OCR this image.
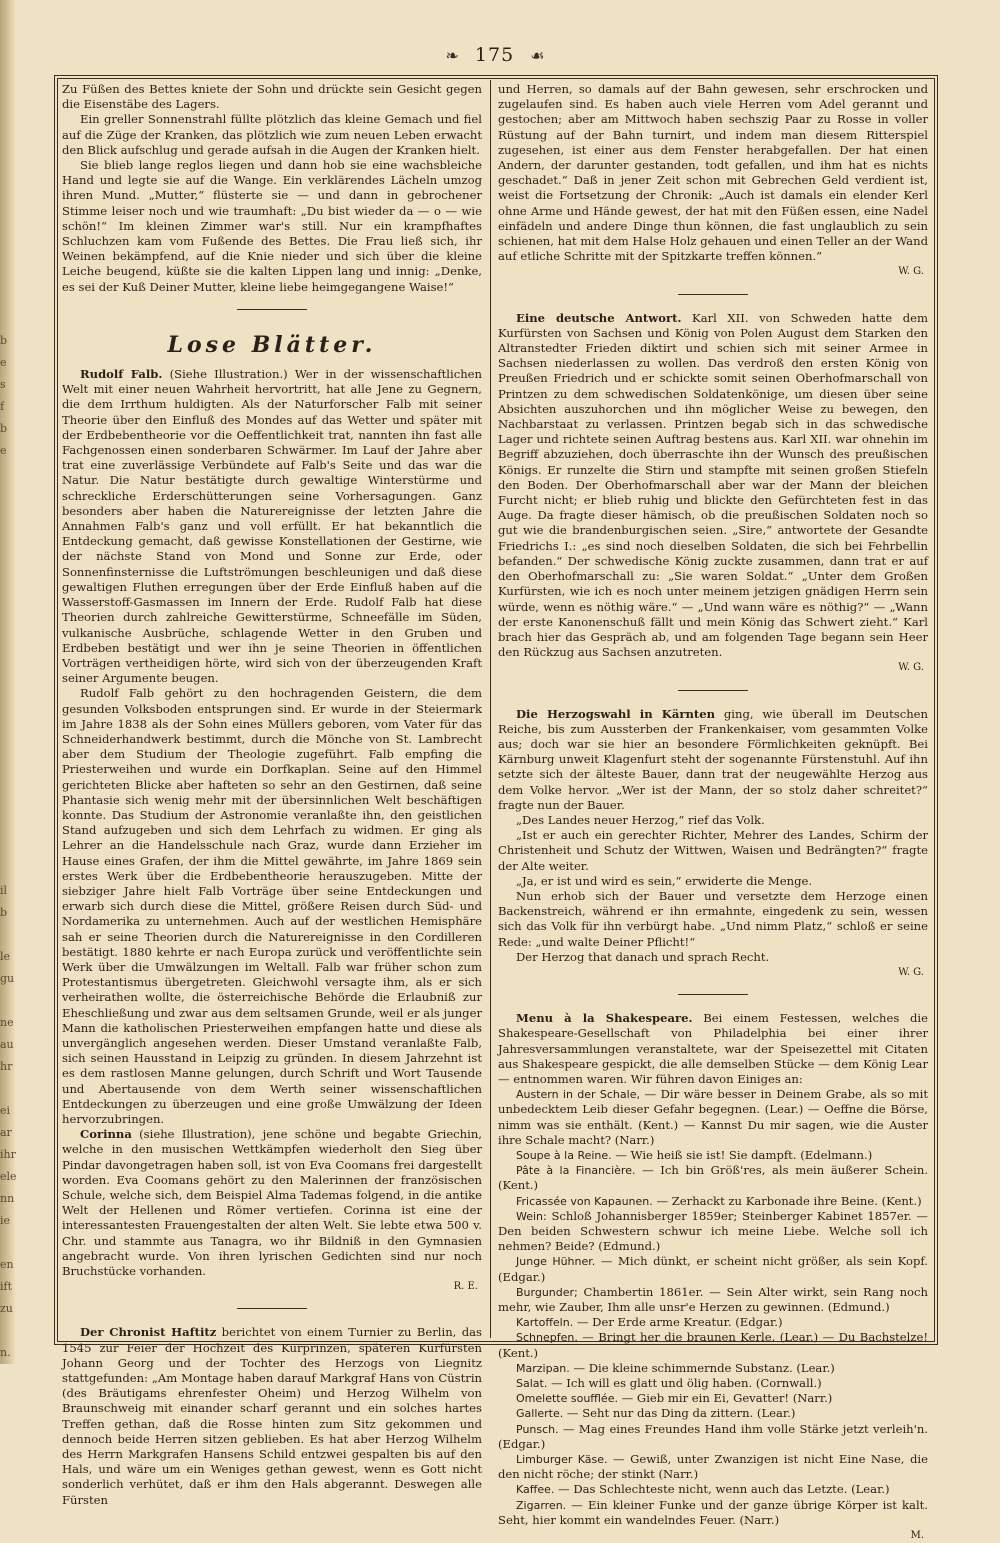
b
e
s
f
b
e

il
b

le
gu

ne
au
hr

ei
ar
ihr
ele
nn
ie

en
ift
zu

n.
❧ 175 ☙

Zu Füßen des Bettes kniete der Sohn und drückte sein Gesicht gegen die Eisenstäbe des Lagers.

Ein greller Sonnenstrahl füllte plötzlich das kleine Gemach und fiel auf die Züge der Kranken, das plötzlich wie zum neuen Leben erwacht den Blick aufschlug und gerade aufsah in die Augen der Kranken hielt.

Sie blieb lange reglos liegen und dann hob sie eine wachsbleiche Hand und legte sie auf die Wange. Ein verklärendes Lächeln umzog ihren Mund. „Mutter,“ flüsterte sie — und dann in gebrochener Stimme leiser noch und wie traumhaft: „Du bist wieder da — o — wie schön!“ Im kleinen Zimmer war's still. Nur ein krampfhaftes Schluchzen kam vom Fußende des Bettes. Die Frau ließ sich, ihr Weinen bekämpfend, auf die Knie nieder und sich über die kleine Leiche beugend, küßte sie die kalten Lippen lang und innig: „Denke, es sei der Kuß Deiner Mutter, kleine liebe heimgegangene Waise!“

Lose Blätter.

Rudolf Falb. (Siehe Illustration.) Wer in der wissenschaftlichen Welt mit einer neuen Wahrheit hervortritt, hat alle Jene zu Gegnern, die dem Irrthum huldigten. Als der Naturforscher Falb mit seiner Theorie über den Einfluß des Mondes auf das Wetter und später mit der Erdbebentheorie vor die Oeffentlichkeit trat, nannten ihn fast alle Fachgenossen einen sonderbaren Schwärmer. Im Lauf der Jahre aber trat eine zuverlässige Verbündete auf Falb's Seite und das war die Natur. Die Natur bestätigte durch gewaltige Winterstürme und schreckliche Erderschütterungen seine Vorhersagungen. Ganz besonders aber haben die Naturereignisse der letzten Jahre die Annahmen Falb's ganz und voll erfüllt. Er hat bekanntlich die Entdeckung gemacht, daß gewisse Konstellationen der Gestirne, wie der nächste Stand von Mond und Sonne zur Erde, oder Sonnenfinsternisse die Luftströmungen beschleunigen und daß diese gewaltigen Fluthen erregungen über der Erde Einfluß haben auf die Wasserstoff-Gasmassen im Innern der Erde. Rudolf Falb hat diese Theorien durch zahlreiche Gewitterstürme, Schneefälle im Süden, vulkanische Ausbrüche, schlagende Wetter in den Gruben und Erdbeben bestätigt und wer ihn je seine Theorien in öffentlichen Vorträgen vertheidigen hörte, wird sich von der überzeugenden Kraft seiner Argumente beugen.

Rudolf Falb gehört zu den hochragenden Geistern, die dem gesunden Volksboden entsprungen sind. Er wurde in der Steiermark im Jahre 1838 als der Sohn eines Müllers geboren, vom Vater für das Schneiderhandwerk bestimmt, durch die Mönche von St. Lambrecht aber dem Studium der Theologie zugeführt. Falb empfing die Priesterweihen und wurde ein Dorfkaplan. Seine auf den Himmel gerichteten Blicke aber hafteten so sehr an den Gestirnen, daß seine Phantasie sich wenig mehr mit der übersinnlichen Welt beschäftigen konnte. Das Studium der Astronomie veranlaßte ihn, den geistlichen Stand aufzugeben und sich dem Lehrfach zu widmen. Er ging als Lehrer an die Handelsschule nach Graz, wurde dann Erzieher im Hause eines Grafen, der ihm die Mittel gewährte, im Jahre 1869 sein erstes Werk über die Erdbebentheorie herauszugeben. Mitte der siebziger Jahre hielt Falb Vorträge über seine Entdeckungen und erwarb sich durch diese die Mittel, größere Reisen durch Süd- und Nordamerika zu unternehmen. Auch auf der westlichen Hemisphäre sah er seine Theorien durch die Naturereignisse in den Cordilleren bestätigt. 1880 kehrte er nach Europa zurück und veröffentlichte sein Werk über die Umwälzungen im Weltall. Falb war früher schon zum Protestantismus übergetreten. Gleichwohl versagte ihm, als er sich verheirathen wollte, die österreichische Behörde die Erlaubniß zur Eheschließung und zwar aus dem seltsamen Grunde, weil er als junger Mann die katholischen Priesterweihen empfangen hatte und diese als unvergänglich angesehen werden. Dieser Umstand veranlaßte Falb, sich seinen Hausstand in Leipzig zu gründen. In diesem Jahrzehnt ist es dem rastlosen Manne gelungen, durch Schrift und Wort Tausende und Abertausende von dem Werth seiner wissenschaftlichen Entdeckungen zu überzeugen und eine große Umwälzung der Ideen hervorzubringen.

Corinna (siehe Illustration), jene schöne und begabte Griechin, welche in den musischen Wettkämpfen wiederholt den Sieg über Pindar davongetragen haben soll, ist von Eva Coomans frei dargestellt worden. Eva Coomans gehört zu den Malerinnen der französischen Schule, welche sich, dem Beispiel Alma Tademas folgend, in die antike Welt der Hellenen und Römer vertiefen. Corinna ist eine der interessantesten Frauengestalten der alten Welt. Sie lebte etwa 500 v. Chr. und stammte aus Tanagra, wo ihr Bildniß in den Gymnasien angebracht wurde. Von ihren lyrischen Gedichten sind nur noch Bruchstücke vorhanden.

R. E.

Der Chronist Haftitz berichtet von einem Turnier zu Berlin, das 1545 zur Feier der Hochzeit des Kurprinzen, späteren Kurfürsten Johann Georg und der Tochter des Herzogs von Liegnitz stattgefunden: „Am Montage haben darauf Markgraf Hans von Cüstrin (des Bräutigams ehrenfester Oheim) und Herzog Wilhelm von Braunschweig mit einander scharf gerannt und ein solches hartes Treffen gethan, daß die Rosse hinten zum Sitz gekommen und dennoch beide Herren sitzen geblieben. Es hat aber Herzog Wilhelm des Herrn Markgrafen Hansens Schild entzwei gespalten bis auf den Hals, und wäre um ein Weniges gethan gewest, wenn es Gott nicht sonderlich verhütet, daß er ihm den Hals abgerannt. Deswegen alle Fürsten

und Herren, so damals auf der Bahn gewesen, sehr erschrocken und zugelaufen sind. Es haben auch viele Herren vom Adel gerannt und gestochen; aber am Mittwoch haben sechszig Paar zu Rosse in voller Rüstung auf der Bahn turnirt, und indem man diesem Ritterspiel zugesehen, ist einer aus dem Fenster herabgefallen. Der hat einen Andern, der darunter gestanden, todt gefallen, und ihm hat es nichts geschadet.“ Daß in jener Zeit schon mit Gebrechen Geld verdient ist, weist die Fortsetzung der Chronik: „Auch ist damals ein elender Kerl ohne Arme und Hände gewest, der hat mit den Füßen essen, eine Nadel einfädeln und andere Dinge thun können, die fast unglaublich zu sein schienen, hat mit dem Halse Holz gehauen und einen Teller an der Wand auf etliche Schritte mit der Spitzkarte treffen können.“

W. G.

Eine deutsche Antwort. Karl XII. von Schweden hatte dem Kurfürsten von Sachsen und König von Polen August dem Starken den Altranstedter Frieden diktirt und schien sich mit seiner Armee in Sachsen niederlassen zu wollen. Das verdroß den ersten König von Preußen Friedrich und er schickte somit seinen Oberhofmarschall von Printzen zu dem schwedischen Soldatenkönige, um diesen über seine Absichten auszuhorchen und ihn möglicher Weise zu bewegen, den Nachbarstaat zu verlassen. Printzen begab sich in das schwedische Lager und richtete seinen Auftrag bestens aus. Karl XII. war ohnehin im Begriff abzuziehen, doch überraschte ihn der Wunsch des preußischen Königs. Er runzelte die Stirn und stampfte mit seinen großen Stiefeln den Boden. Der Oberhofmarschall aber war der Mann der bleichen Furcht nicht; er blieb ruhig und blickte den Gefürchteten fest in das Auge. Da fragte dieser hämisch, ob die preußischen Soldaten noch so gut wie die brandenburgischen seien. „Sire,“ antwortete der Gesandte Friedrichs I.: „es sind noch dieselben Soldaten, die sich bei Fehrbellin befanden.“ Der schwedische König zuckte zusammen, dann trat er auf den Oberhofmarschall zu: „Sie waren Soldat.“ „Unter dem Großen Kurfürsten, wie ich es noch unter meinem jetzigen gnädigen Herrn sein würde, wenn es nöthig wäre.“ — „Und wann wäre es nöthig?“ — „Wann der erste Kanonenschuß fällt und mein König das Schwert zieht.“ Karl brach hier das Gespräch ab, und am folgenden Tage begann sein Heer den Rückzug aus Sachsen anzutreten.

W. G.

Die Herzogswahl in Kärnten ging, wie überall im Deutschen Reiche, bis zum Aussterben der Frankenkaiser, vom gesammten Volke aus; doch war sie hier an besondere Förmlichkeiten geknüpft. Bei Kärnburg unweit Klagenfurt steht der sogenannte Fürstenstuhl. Auf ihn setzte sich der älteste Bauer, dann trat der neugewählte Herzog aus dem Volke hervor. „Wer ist der Mann, der so stolz daher schreitet?“ fragte nun der Bauer.

„Des Landes neuer Herzog,“ rief das Volk.

„Ist er auch ein gerechter Richter, Mehrer des Landes, Schirm der Christenheit und Schutz der Wittwen, Waisen und Bedrängten?“ fragte der Alte weiter.

„Ja, er ist und wird es sein,“ erwiderte die Menge.

Nun erhob sich der Bauer und versetzte dem Herzoge einen Backenstreich, während er ihn ermahnte, eingedenk zu sein, wessen sich das Volk für ihn verbürgt habe. „Und nimm Platz,“ schloß er seine Rede: „und walte Deiner Pflicht!“

Der Herzog that danach und sprach Recht.

W. G.

Menu à la Shakespeare. Bei einem Festessen, welches die Shakespeare-Gesellschaft von Philadelphia bei einer ihrer Jahresversammlungen veranstaltete, war der Speisezettel mit Citaten aus Shakespeare gespickt, die alle demselben Stücke — dem König Lear — entnommen waren. Wir führen davon Einiges an:

Austern in der Schale, — Dir wäre besser in Deinem Grabe, als so mit unbedecktem Leib dieser Gefahr begegnen. (Lear.) — Oeffne die Börse, nimm was sie enthält. (Kent.) — Kannst Du mir sagen, wie die Auster ihre Schale macht? (Narr.)

Soupe à la Reine. — Wie heiß sie ist! Sie dampft. (Edelmann.)

Pâte à la Financière. — Ich bin Größ'res, als mein äußerer Schein. (Kent.)

Fricassée von Kapaunen. — Zerhackt zu Karbonade ihre Beine. (Kent.)

Wein: Schloß Johannisberger 1859er; Steinberger Kabinet 1857er. — Den beiden Schwestern schwur ich meine Liebe. Welche soll ich nehmen? Beide? (Edmund.)

Junge Hühner. — Mich dünkt, er scheint nicht größer, als sein Kopf. (Edgar.)

Burgunder; Chambertin 1861er. — Sein Alter wirkt, sein Rang noch mehr, wie Zauber, Ihm alle unsr'e Herzen zu gewinnen. (Edmund.)

Kartoffeln. — Der Erde arme Kreatur. (Edgar.)

Schnepfen. — Bringt her die braunen Kerle. (Lear.) — Du Bachstelze! (Kent.)

Marzipan. — Die kleine schimmernde Substanz. (Lear.)

Salat. — Ich will es glatt und ölig haben. (Cornwall.)

Omelette soufflée. — Gieb mir ein Ei, Gevatter! (Narr.)

Gallerte. — Seht nur das Ding da zittern. (Lear.)

Punsch. — Mag eines Freundes Hand ihm volle Stärke jetzt verleih'n. (Edgar.)

Limburger Käse. — Gewiß, unter Zwanzigen ist nicht Eine Nase, die den nicht röche; der stinkt (Narr.)

Kaffee. — Das Schlechteste nicht, wenn auch das Letzte. (Lear.)

Zigarren. — Ein kleiner Funke und der ganze übrige Körper ist kalt. Seht, hier kommt ein wandelndes Feuer. (Narr.)

M.
